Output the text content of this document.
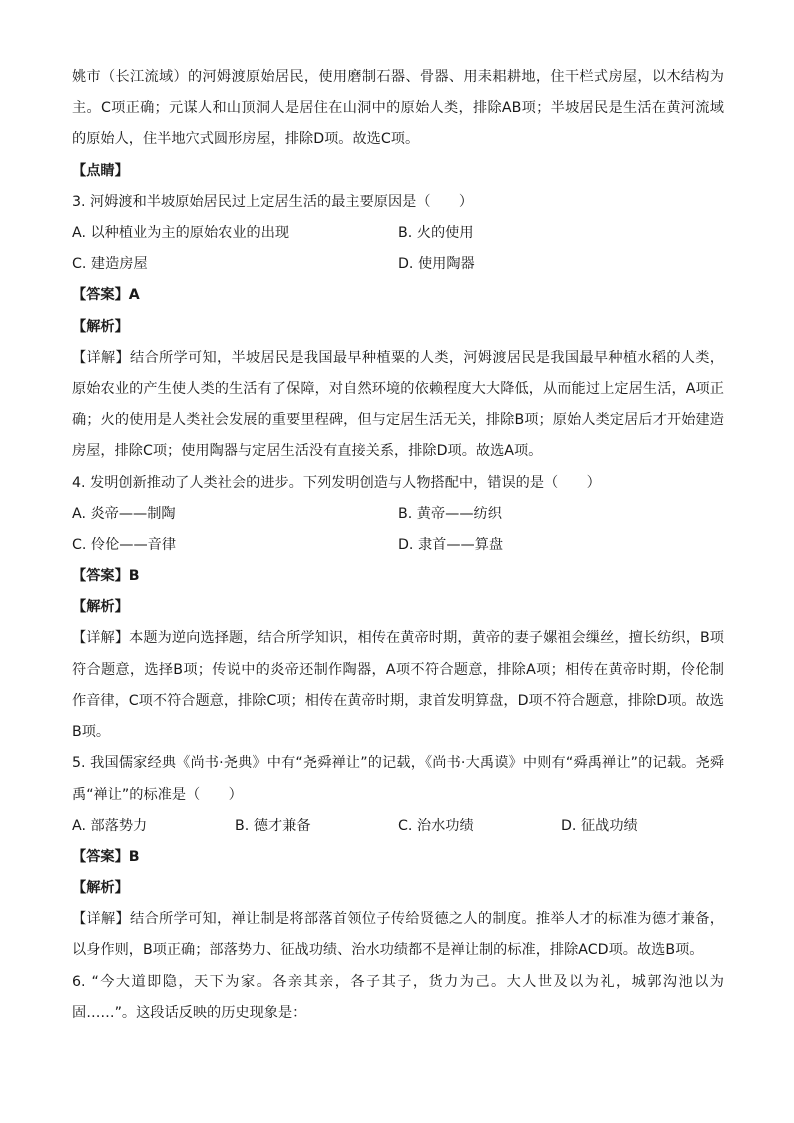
姚市（长江流域）的河姆渡原始居民，使用磨制石器、骨器、用耒耜耕地，住干栏式房屋，以木结构为主。C项正确；元谋人和山顶洞人是居住在山洞中的原始人类，排除AB项；半坡居民是生活在黄河流域的原始人，住半地穴式圆形房屋，排除D项。故选C项。
【点睛】
3. 河姆渡和半坡原始居民过上定居生活的最主要原因是（　　）
A. 以种植业为主的原始农业的出现	B. 火的使用
C. 建造房屋	D. 使用陶器
【答案】A
【解析】
【详解】结合所学可知，半坡居民是我国最早种植粟的人类，河姆渡居民是我国最早种植水稻的人类，原始农业的产生使人类的生活有了保障，对自然环境的依赖程度大大降低，从而能过上定居生活，A项正确；火的使用是人类社会发展的重要里程碑，但与定居生活无关，排除B项；原始人类定居后才开始建造房屋，排除C项；使用陶器与定居生活没有直接关系，排除D项。故选A项。
4. 发明创新推动了人类社会的进步。下列发明创造与人物搭配中，错误的是（　　）
A. 炎帝——制陶	B. 黄帝——纺织
C. 伶伦——音律	D. 隶首——算盘
【答案】B
【解析】
【详解】本题为逆向选择题，结合所学知识，相传在黄帝时期，黄帝的妻子嫘祖会缫丝，擅长纺织，B项符合题意，选择B项；传说中的炎帝还制作陶器，A项不符合题意，排除A项；相传在黄帝时期，伶伦制作音律，C项不符合题意，排除C项；相传在黄帝时期，隶首发明算盘，D项不符合题意，排除D项。故选B项。
5. 我国儒家经典《尚书·尧典》中有“尧舜禅让”的记载，《尚书·大禹谟》中则有“舜禹禅让”的记载。尧舜禹“禅让”的标准是（　　）
A. 部落势力	B. 德才兼备	C. 治水功绩	D. 征战功绩
【答案】B
【解析】
【详解】结合所学可知，禅让制是将部落首领位子传给贤德之人的制度。推举人才的标准为德才兼备，以身作则，B项正确；部落势力、征战功绩、治水功绩都不是禅让制的标准，排除ACD项。故选B项。
6. “今大道即隐，天下为家。各亲其亲，各子其子，货力为己。大人世及以为礼，城郭沟池以为固……”。这段话反映的历史现象是：
